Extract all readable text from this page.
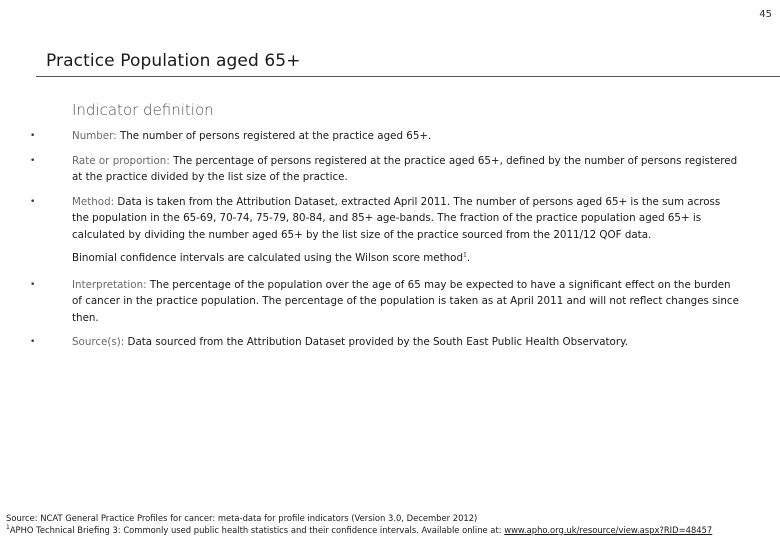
45
Practice Population aged 65+
Indicator definition
•	Number: The number of persons registered at the practice aged 65+.
•	Rate or proportion: The percentage of persons registered at the practice aged 65+, defined by the number of persons registered at the practice divided by the list size of the practice.
•	Method: Data is taken from the Attribution Dataset, extracted April 2011. The number of persons aged 65+ is the sum across the population in the 65-69, 70-74, 75-79, 80-84, and 85+ age-bands. The fraction of the practice population aged 65+ is calculated by dividing the number aged 65+ by the list size of the practice sourced from the 2011/12 QOF data.
Binomial confidence intervals are calculated using the Wilson score method$^1$.
•	Interpretation: The percentage of the population over the age of 65 may be expected to have a significant effect on the burden of cancer in the practice population. The percentage of the population is taken as at April 2011 and will not reflect changes since then.
•	Source(s): Data sourced from the Attribution Dataset provided by the South East Public Health Observatory.
Source: NCAT General Practice Profiles for cancer: meta-data for profile indicators (Version 3.0, December 2012)
$^1$APHO Technical Briefing 3: Commonly used public health statistics and their confidence intervals. Available online at: www.apho.org.uk/resource/view.aspx?RID=48457
